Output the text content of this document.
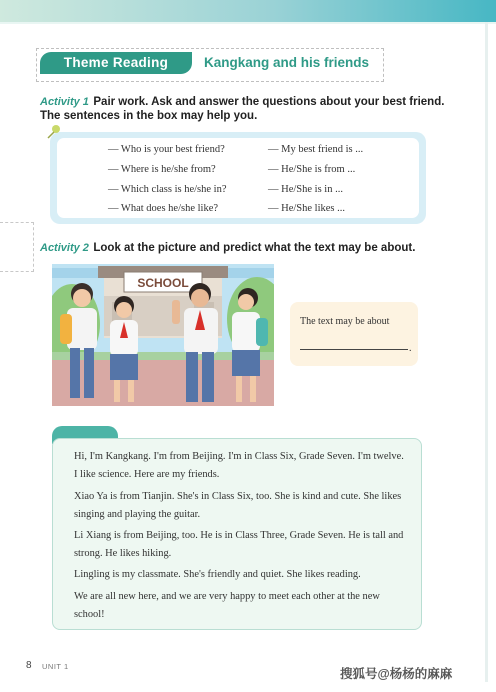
Theme Reading	Kangkang and his friends
Activity 1 Pair work. Ask and answer the questions about your best friend.
The sentences in the box may help you.
— Who is your best friend?
— Where is he/she from?
— Which class is he/she in?
— What does he/she like?
— My best friend is ...
— He/She is from ...
— He/She is in ...
— He/She likes ...
Activity 2 Look at the picture and predict what the text may be about.
SCHOOL
The text may be about
.
Hi, I'm Kangkang. I'm from Beijing. I'm in Class Six, Grade Seven. I'm twelve. I like science. Here are my friends.
Xiao Ya is from Tianjin. She's in Class Six, too. She is kind and cute. She likes singing and playing the guitar.
Li Xiang is from Beijing, too. He is in Class Three, Grade Seven. He is tall and strong. He likes hiking.
Lingling is my classmate. She's friendly and quiet. She likes reading.
We are all new here, and we are very happy to meet each other at the new school!
8 UNIT 1
搜狐号@杨杨的麻麻
